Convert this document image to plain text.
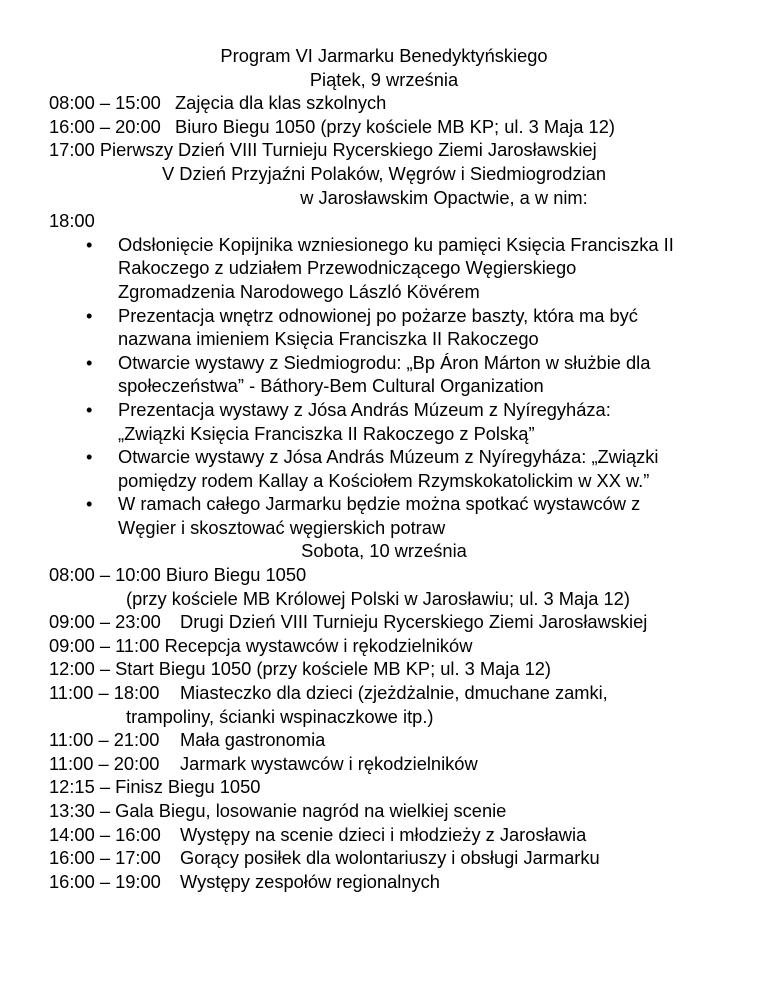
Program VI Jarmarku Benedyktyńskiego
Piątek, 9 września
08:00 – 15:00 Zajęcia dla klas szkolnych
16:00 – 20:00 Biuro Biegu 1050 (przy kościele MB KP; ul. 3 Maja 12)
17:00 Pierwszy Dzień VIII Turnieju Rycerskiego Ziemi Jarosławskiej
V Dzień Przyjaźni Polaków, Węgrów i Siedmiogrodzian
w Jarosławskim Opactwie, a w nim:
18:00
• Odsłonięcie Kopijnika wzniesionego ku pamięci Księcia Franciszka II
Rakoczego z udziałem Przewodniczącego Węgierskiego
Zgromadzenia Narodowego László Kövérem
• Prezentacja wnętrz odnowionej po pożarze baszty, która ma być
nazwana imieniem Księcia Franciszka II Rakoczego
• Otwarcie wystawy z Siedmiogrodu: „Bp Áron Márton w służbie dla
społeczeństwa” - Báthory-Bem Cultural Organization
• Prezentacja wystawy z Jósa András Múzeum z Nyíregyháza:
„Związki Księcia Franciszka II Rakoczego z Polską”
• Otwarcie wystawy z Jósa András Múzeum z Nyíregyháza: „Związki
pomiędzy rodem Kallay a Kościołem Rzymskokatolickim w XX w.”
• W ramach całego Jarmarku będzie można spotkać wystawców z
Węgier i skosztować węgierskich potraw
Sobota, 10 września
08:00 – 10:00 Biuro Biegu 1050
(przy kościele MB Królowej Polski w Jarosławiu; ul. 3 Maja 12)
09:00 – 23:00 Drugi Dzień VIII Turnieju Rycerskiego Ziemi Jarosławskiej
09:00 – 11:00 Recepcja wystawców i rękodzielników
12:00 – Start Biegu 1050 (przy kościele MB KP; ul. 3 Maja 12)
11:00 – 18:00 Miasteczko dla dzieci (zjeżdżalnie, dmuchane zamki,
trampoliny, ścianki wspinaczkowe itp.)
11:00 – 21:00 Mała gastronomia
11:00 – 20:00 Jarmark wystawców i rękodzielników
12:15 – Finisz Biegu 1050
13:30 – Gala Biegu, losowanie nagród na wielkiej scenie
14:00 – 16:00 Występy na scenie dzieci i młodzieży z Jarosławia
16:00 – 17:00 Gorący posiłek dla wolontariuszy i obsługi Jarmarku
16:00 – 19:00 Występy zespołów regionalnych
